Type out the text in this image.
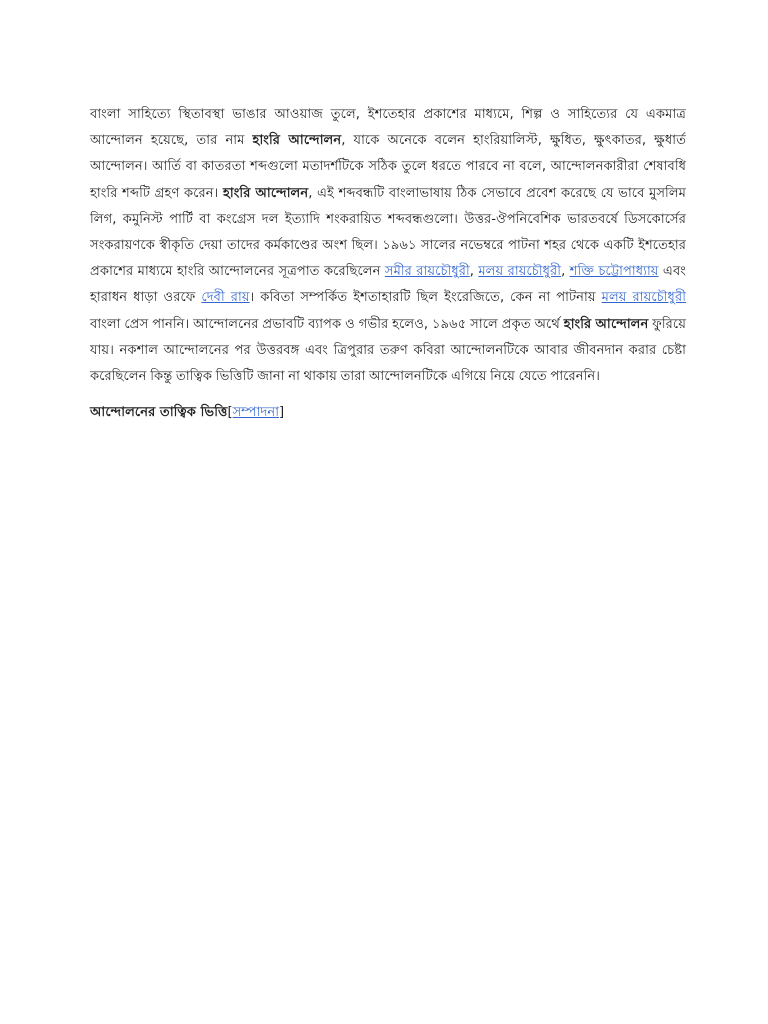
বাংলা সাহিত্যে স্থিতাবস্থা ভাঙার আওয়াজ তুলে, ইশতেহার প্রকাশের মাধ্যমে, শিল্প ও সাহিত্যের যে একমাত্র আন্দোলন হয়েছে, তার নাম হাংরি আন্দোলন, যাকে অনেকে বলেন হাংরিয়ালিস্ট, ক্ষুধিত, ক্ষুৎকাতর, ক্ষুধার্ত আন্দোলন। আর্তি বা কাতরতা শব্দগুলো মতাদর্শটিকে সঠিক তুলে ধরতে পারবে না বলে, আন্দোলনকারীরা শেষাবধি হাংরি শব্দটি গ্রহণ করেন। হাংরি আন্দোলন, এই শব্দবন্ধটি বাংলাভাষায় ঠিক সেভাবে প্রবেশ করেছে যে ভাবে মুসলিম লিগ, কমুনিস্ট পার্টি বা কংগ্রেস দল ইত্যাদি শংকরায়িত শব্দবন্ধগুলো। উত্তর-ঔপনিবেশিক ভারতবর্ষে ডিসকোর্সের সংকরায়ণকে স্বীকৃতি দেয়া তাদের কর্মকাণ্ডের অংশ ছিল। ১৯৬১ সালের নভেম্বরে পাটনা শহর থেকে একটি ইশতেহার প্রকাশের মাধ্যমে হাংরি আন্দোলনের সূত্রপাত করেছিলেন সমীর রায়চৌধুরী, মলয় রায়চৌধুরী, শক্তি চট্টোপাধ্যায় এবং হারাধন ধাড়া ওরফে দেবী রায়। কবিতা সম্পর্কিত ইশতাহারটি ছিল ইংরেজিতে, কেন না পাটনায় মলয় রায়চৌধুরী বাংলা প্রেস পাননি। আন্দোলনের প্রভাবটি ব্যাপক ও গভীর হলেও, ১৯৬৫ সালে প্রকৃত অর্থে হাংরি আন্দোলন ফুরিয়ে যায়। নকশাল আন্দোলনের পর উত্তরবঙ্গ এবং ত্রিপুরার তরুণ কবিরা আন্দোলনটিকে আবার জীবনদান করার চেষ্টা করেছিলেন কিন্তু তাত্বিক ভিত্তিটি জানা না থাকায় তারা আন্দোলনটিকে এগিয়ে নিয়ে যেতে পারেননি।

আন্দোলনের তাত্বিক ভিত্তি[সম্পাদনা]
